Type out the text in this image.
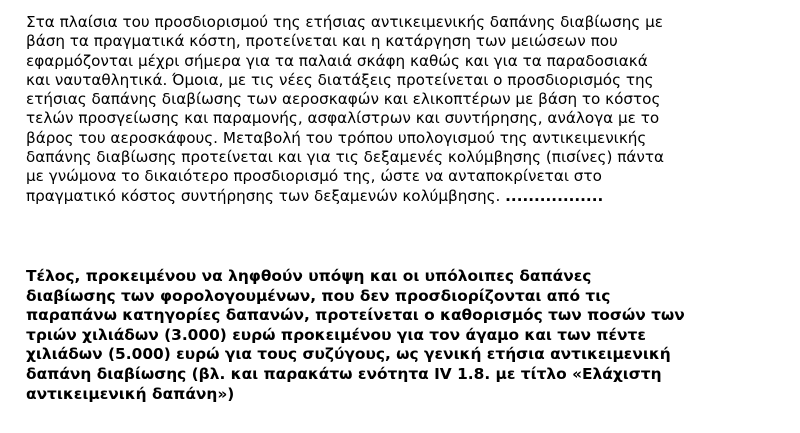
Στα πλαίσια του προσδιορισμού της ετήσιας αντικειμενικής δαπάνης διαβίωσης με
βάση τα πραγματικά κόστη, προτείνεται και η κατάργηση των μειώσεων που
εφαρμόζονται μέχρι σήμερα για τα παλαιά σκάφη καθώς και για τα παραδοσιακά
και ναυταθλητικά. Όμοια, με τις νέες διατάξεις προτείνεται ο προσδιορισμός της
ετήσιας δαπάνης διαβίωσης των αεροσκαφών και ελικοπτέρων με βάση το κόστος
τελών προσγείωσης και παραμονής, ασφαλίστρων και συντήρησης, ανάλογα με το
βάρος του αεροσκάφους. Μεταβολή του τρόπου υπολογισμού της αντικειμενικής
δαπάνης διαβίωσης προτείνεται και για τις δεξαμενές κολύμβησης (πισίνες) πάντα
με γνώμονα το δικαιότερο προσδιορισμό της, ώστε να ανταποκρίνεται στο
πραγματικό κόστος συντήρησης των δεξαμενών κολύμβησης. .................

Τέλος, προκειμένου να ληφθούν υπόψη και οι υπόλοιπες δαπάνες
διαβίωσης των φορολογουμένων, που δεν προσδιορίζονται από τις
παραπάνω κατηγορίες δαπανών, προτείνεται ο καθορισμός των ποσών των
τριών χιλιάδων (3.000) ευρώ προκειμένου για τον άγαμο και των πέντε
χιλιάδων (5.000) ευρώ για τους συζύγους, ως γενική ετήσια αντικειμενική
δαπάνη διαβίωσης (βλ. και παρακάτω ενότητα IV 1.8. με τίτλο «Ελάχιστη
αντικειμενική δαπάνη»)
